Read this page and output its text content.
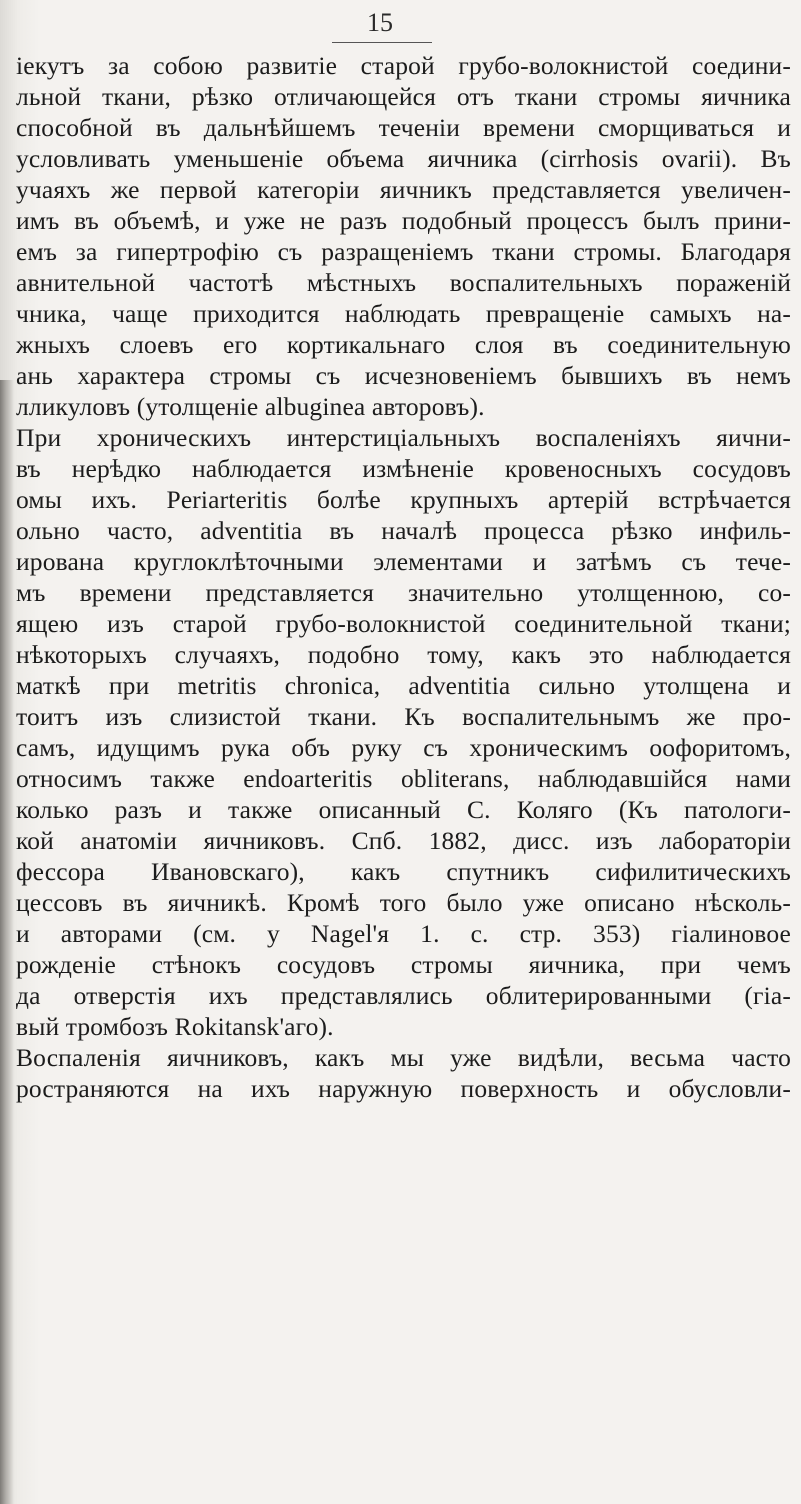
15
іекутъ за собою развитіе старой грубо-волокнистой соедини-
льной ткани, рѣзко отличающейся отъ ткани стромы яичника
способной въ дальнѣйшемъ теченіи времени сморщиваться и
условливать уменьшеніе объема яичника (cirrhosis ovarii). Въ
учаяхъ же первой категоріи яичникъ представляется увеличен-
имъ въ объемѣ, и уже не разъ подобный процессъ былъ прини-
емъ за гипертрофію съ разращеніемъ ткани стромы. Благодаря
авнительной частотѣ мѣстныхъ воспалительныхъ пораженій
чника, чаще приходится наблюдать превращеніе самыхъ на-
жныхъ слоевъ его кортикальнаго слоя въ соединительную
ань характера стромы съ исчезновеніемъ бывшихъ въ немъ
лликуловъ (утолщеніе albuginea авторовъ).
При хроническихъ интерстиціальныхъ воспаленіяхъ яични-
въ нерѣдко наблюдается измѣненіе кровеносныхъ сосудовъ
омы ихъ. Periarteritis болѣе крупныхъ артерій встрѣчается
ольно часто, adventitia въ началѣ процесса рѣзко инфиль-
ирована круглоклѣточными элементами и затѣмъ съ тече-
мъ времени представляется значительно утолщенною, со-
ящею изъ старой грубо-волокнистой соединительной ткани;
нѣкоторыхъ случаяхъ, подобно тому, какъ это наблюдается
маткѣ при metritis chronica, adventitia сильно утолщена и
тоитъ изъ слизистой ткани. Къ воспалительнымъ же про-
самъ, идущимъ рука объ руку съ хроническимъ оофоритомъ,
относимъ также endoarteritis obliterans, наблюдавшійся нами
колько разъ и также описанный С. Коляго (Къ патологи-
кой анатоміи яичниковъ. Спб. 1882, дисс. изъ лабораторіи
фессора Ивановскаго), какъ спутникъ сифилитическихъ
цессовъ въ яичникѣ. Кромѣ того было уже описано нѣсколь-
и авторами (см. у Nagel'я 1. с. стр. 353) гіалиновое
рожденіе стѣнокъ сосудовъ стромы яичника, при чемъ
да отверстія ихъ представлялись облитерированными (гіа-
вый тромбозъ Rokitansk'аго).
Воспаленія яичниковъ, какъ мы уже видѣли, весьма часто
ространяются на ихъ наружную поверхность и обусловли-
